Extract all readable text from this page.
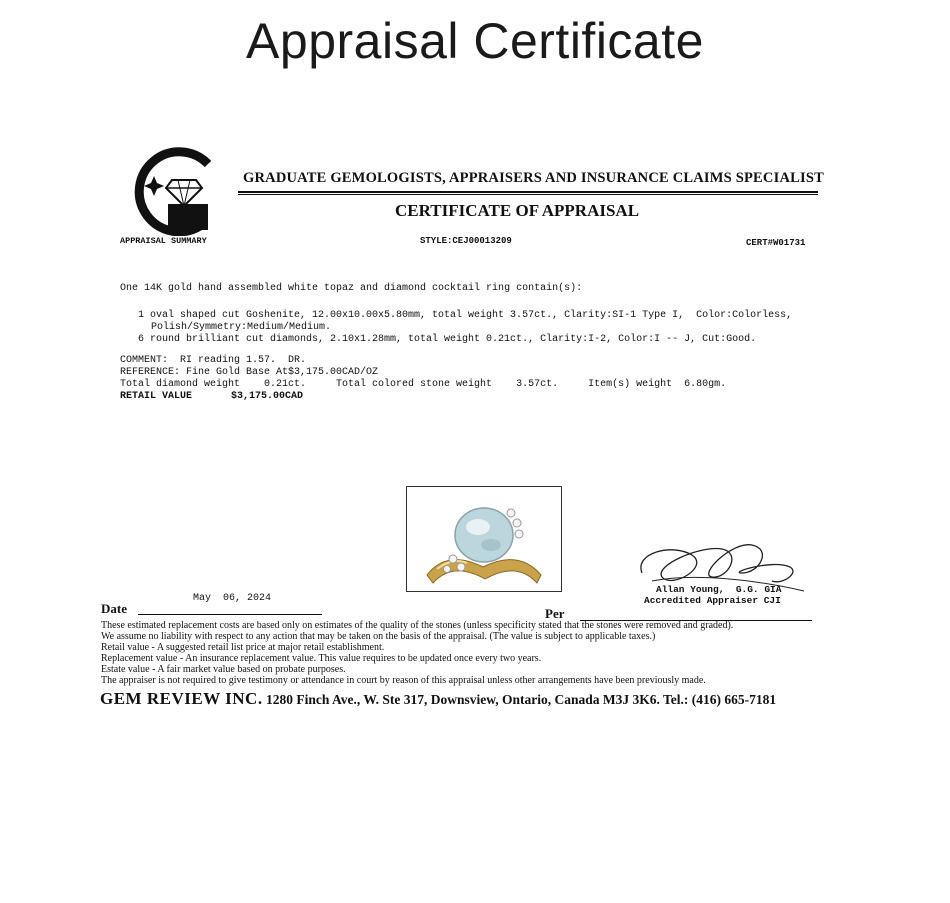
Appraisal Certificate
GRADUATE GEMOLOGISTS, APPRAISERS AND INSURANCE CLAIMS SPECIALIST
CERTIFICATE OF APPRAISAL
APPRAISAL SUMMARY	STYLE:CEJ00013209	CERT#W01731
One 14K gold hand assembled white topaz and diamond cocktail ring contain(s):
1 oval shaped cut Goshenite, 12.00x10.00x5.80mm, total weight 3.57ct., Clarity:SI-1 Type I,  Color:Colorless,
Polish/Symmetry:Medium/Medium.
6 round brilliant cut diamonds, 2.10x1.28mm, total weight 0.21ct., Clarity:I-2, Color:I -- J, Cut:Good.
COMMENT:  RI reading 1.57.  DR.
REFERENCE: Fine Gold Base At$3,175.00CAD/OZ
Total diamond weight    0.21ct.     Total colored stone weight    3.57ct.     Item(s) weight  6.80gm.
RETAIL VALUE	$3,175.00CAD
May  06, 2024
Date	Per
Allan Young,  G.G. GIA
Accredited Appraiser CJI
These estimated replacement costs are based only on estimates of the quality of the stones (unless specificity stated that the stones were removed and graded).
We assume no liability with respect to any action that may be taken on the basis of the appraisal. (The value is subject to applicable taxes.)
Retail value - A suggested retail list price at major retail establishment.
Replacement value - An insurance replacement value. This value requires to be updated once every two years.
Estate value - A fair market value based on probate purposes.
The appraiser is not required to give testimony or attendance in court by reason of this appraisal unless other arrangements have been previously made.
GEM REVIEW INC. 1280 Finch Ave., W. Ste 317, Downsview, Ontario, Canada M3J 3K6. Tel.: (416) 665-7181
